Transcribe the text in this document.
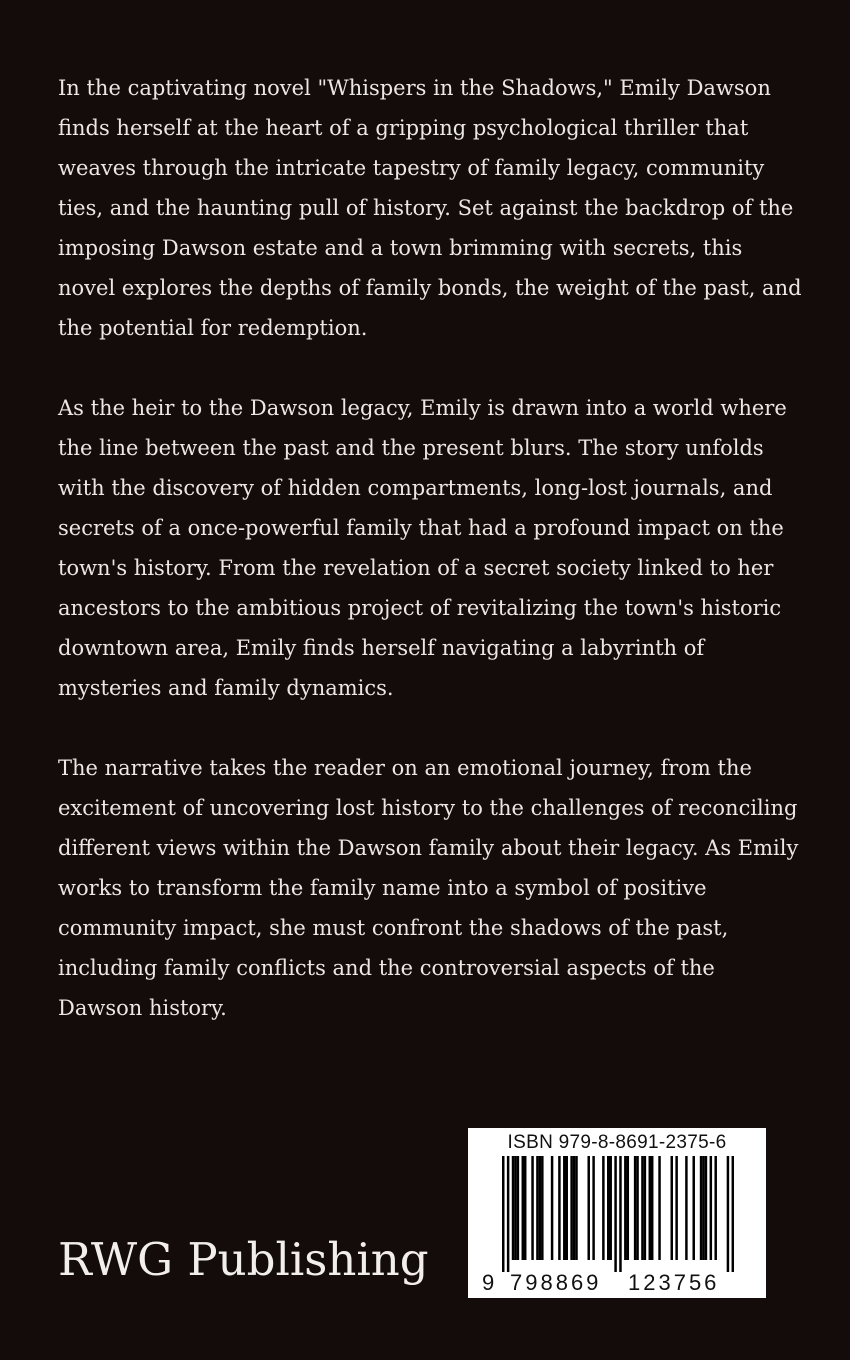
In the captivating novel "Whispers in the Shadows," Emily Dawson finds herself at the heart of a gripping psychological thriller that weaves through the intricate tapestry of family legacy, community ties, and the haunting pull of history. Set against the backdrop of the imposing Dawson estate and a town brimming with secrets, this novel explores the depths of family bonds, the weight of the past, and the potential for redemption.

As the heir to the Dawson legacy, Emily is drawn into a world where the line between the past and the present blurs. The story unfolds with the discovery of hidden compartments, long-lost journals, and secrets of a once-powerful family that had a profound impact on the town's history. From the revelation of a secret society linked to her ancestors to the ambitious project of revitalizing the town's historic downtown area, Emily finds herself navigating a labyrinth of mysteries and family dynamics.

The narrative takes the reader on an emotional journey, from the excitement of uncovering lost history to the challenges of reconciling different views within the Dawson family about their legacy. As Emily works to transform the family name into a symbol of positive community impact, she must confront the shadows of the past, including family conflicts and the controversial aspects of the Dawson history.

RWG Publishing
ISBN 979-8-8691-2375-6
9 798869 123756
